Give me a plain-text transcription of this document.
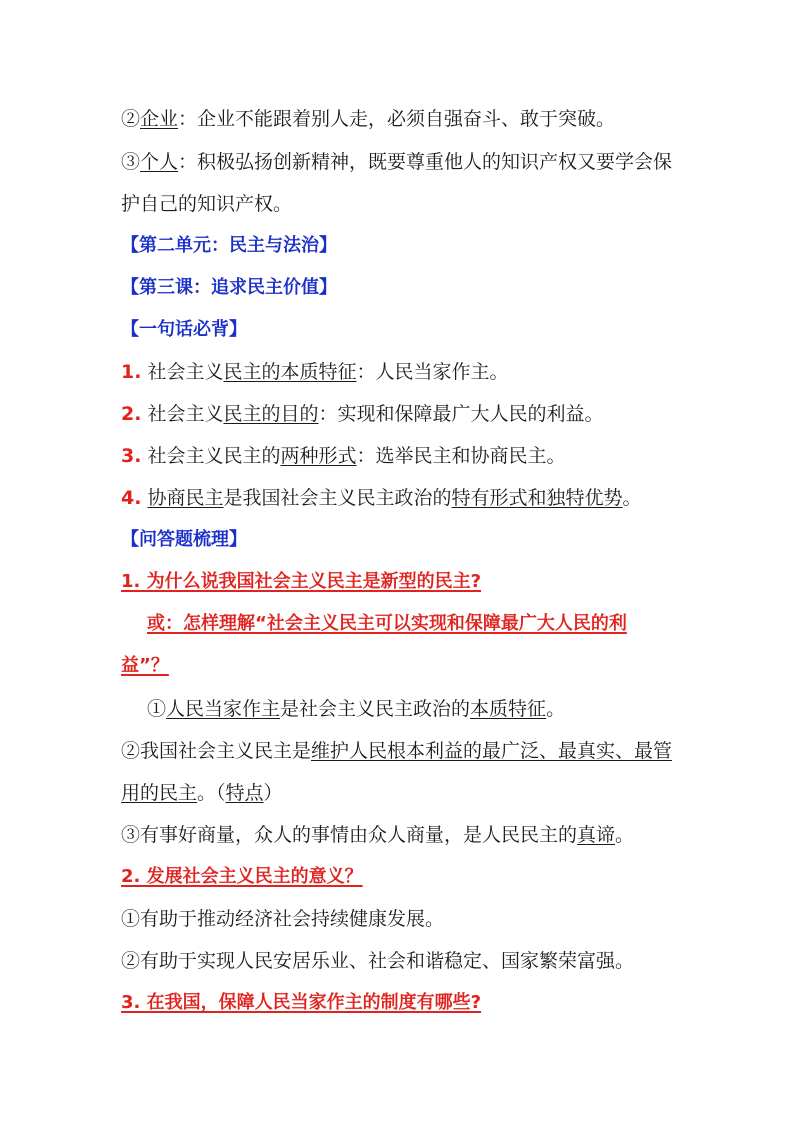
②企业：企业不能跟着别人走，必须自强奋斗、敢于突破。
③个人：积极弘扬创新精神，既要尊重他人的知识产权又要学会保
护自己的知识产权。
【第二单元：民主与法治】
【第三课：追求民主价值】
【一句话必背】
1. 社会主义民主的本质特征：人民当家作主。
2. 社会主义民主的目的：实现和保障最广大人民的利益。
3. 社会主义民主的两种形式：选举民主和协商民主。
4. 协商民主是我国社会主义民主政治的特有形式和独特优势。
【问答题梳理】
1. 为什么说我国社会主义民主是新型的民主?
或：怎样理解“社会主义民主可以实现和保障最广大人民的利
益”？
①人民当家作主是社会主义民主政治的本质特征。
②我国社会主义民主是维护人民根本利益的最广泛、最真实、最管
用的民主。（特点）
③有事好商量，众人的事情由众人商量，是人民民主的真谛。
2. 发展社会主义民主的意义？
①有助于推动经济社会持续健康发展。
②有助于实现人民安居乐业、社会和谐稳定、国家繁荣富强。
3. 在我国，保障人民当家作主的制度有哪些?
